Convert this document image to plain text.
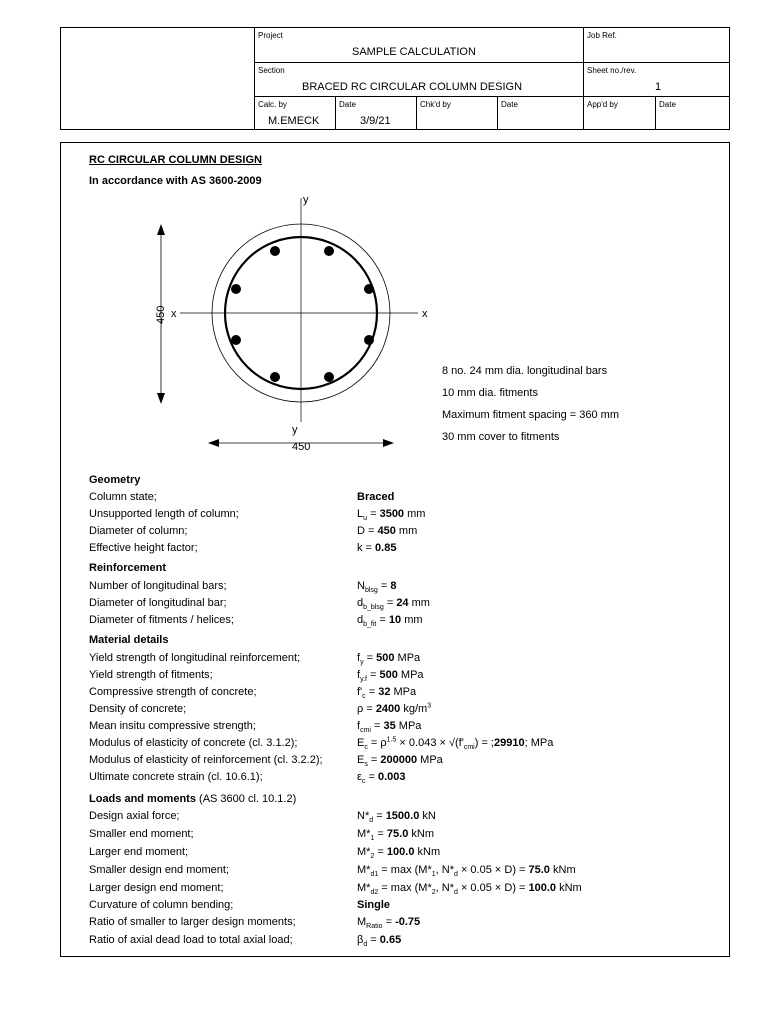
Project
SAMPLE CALCULATION
Job Ref.
Section
BRACED RC CIRCULAR COLUMN DESIGN
Sheet no./rev.
1
Calc. by
M.EMECK
Date
3/9/21
Chk'd by	Date	App'd by	Date
RC CIRCULAR COLUMN DESIGN
In accordance with AS 3600-2009
x	x
y
y
450
450
8 no. 24 mm dia. longitudinal bars
10 mm dia. fitments
Maximum fitment spacing = 360 mm
30 mm cover to fitments
Geometry
Column state;	Braced
Unsupported length of column;	$L_u = 3500$ mm
Diameter of column;	D = 450 mm
Effective height factor;	k = 0.85
Reinforcement
Number of longitudinal bars;	$N_{blsg} = 8$
Diameter of longitudinal bar;	$d_{b\_blsg} = 24$ mm
Diameter of fitments / helices;	$d_{b\_fit} = 10$ mm
Material details
Yield strength of longitudinal reinforcement;	$f_y = 500$ MPa
Yield strength of fitments;	$f_{y.f} = 500$ MPa
Compressive strength of concrete;	$f'_c = 32$ MPa
Density of concrete;	ρ = 2400 $kg/m^3$
Mean insitu compressive strength;	$f_{cmi} = 35$ MPa
Modulus of elasticity of concrete (cl. 3.1.2);	$E_c = \rho^{1.5} \times 0.043 \times √(f'_{cmi})$ = ;29910; MPa
Modulus of elasticity of reinforcement (cl. 3.2.2);	$E_s = 200000$ MPa
Ultimate concrete strain (cl. 10.6.1);	$\varepsilon_c = 0.003$
Loads and moments (AS 3600 cl. 10.1.2)
Design axial force;	$N*_d = 1500.0$ kN
Smaller end moment;	$M*_1 = 75.0$ kNm
Larger end moment;	$M*_2 = 100.0$ kNm
Smaller design end moment;	$M*_{d1} = \max (M*_1$, $N*_d \times 0.05 \times D) = 75.0$ kNm
Larger design end moment;	$M*_{d2} = \max (M*_2$, $N*_d \times 0.05 \times D) = 100.0$ kNm
Curvature of column bending;	Single
Ratio of smaller to larger design moments;	$M_{Ratio} = -0.75$
Ratio of axial dead load to total axial load;	$\beta_d = 0.65$
